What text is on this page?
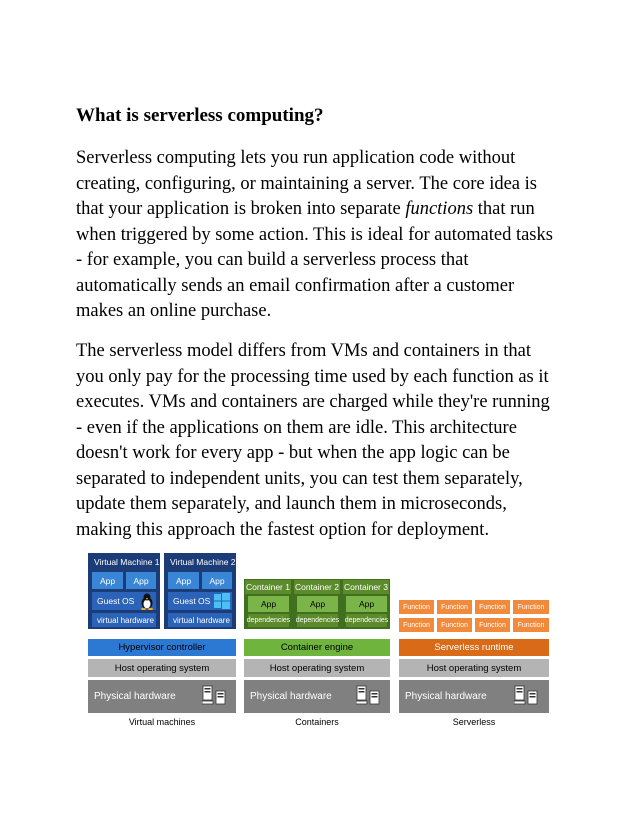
What is serverless computing?
Serverless computing lets you run application code without
creating, configuring, or maintaining a server. The core idea is
that your application is broken into separate functions that run
when triggered by some action. This is ideal for automated tasks
- for example, you can build a serverless process that
automatically sends an email confirmation after a customer
makes an online purchase.
The serverless model differs from VMs and containers in that
you only pay for the processing time used by each function as it
executes. VMs and containers are charged while they're running
- even if the applications on them are idle. This architecture
doesn't work for every app - but when the app logic can be
separated to independent units, you can test them separately,
update them separately, and launch them in microseconds,
making this approach the fastest option for deployment.
Virtual Machine 1
App	App
Guest OS
virtual hardware
Virtual Machine 2
App	App
Guest OS
virtual hardware
Hypervisor controller
Host operating system
Physical hardware
Virtual machines
Container 1 Container 2 Container 3
App	App	App
dependencies dependencies dependencies
Container engine
Host operating system
Physical hardware
Containers
Function	Function	Function	Function
Function	Function	Function	Function
Serverless runtime
Host operating system
Physical hardware
Serverless
